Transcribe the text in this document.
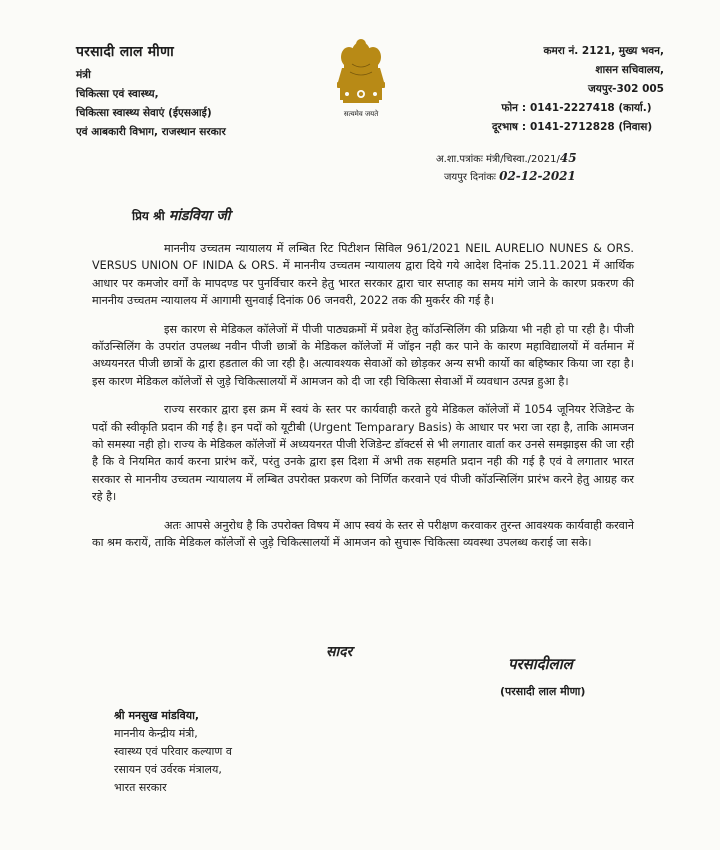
परसादी लाल मीणा
मंत्री
चिकित्सा एवं स्वास्थ्य,
चिकित्सा स्वास्थ्य सेवाएं (ईएसआई)
एवं आबकारी विभाग, राजस्थान सरकार
सत्यमेव जयते
कमरा नं. 2121, मुख्य भवन,
शासन सचिवालय,
जयपुर-302 005
फोन : 0141-2227418 (कार्या.)
दूरभाष : 0141-2712828 (निवास)
अ.शा.पत्रांकः मंत्री/चिस्वा./2021/45
जयपुर दिनांकः 02-12-2021
प्रिय श्री मांडविया जी

माननीय उच्चतम न्यायालय में लम्बित रिट पिटीशन सिविल 961/2021 NEIL AURELIO NUNES & ORS. VERSUS UNION OF INIDA & ORS. में माननीय उच्चतम न्यायालय द्वारा दिये गये आदेश दिनांक 25.11.2021 में आर्थिक आधार पर कमजोर वर्गों के मापदण्ड पर पुनर्विचार करने हेतु भारत सरकार द्वारा चार सप्ताह का समय मांगे जाने के कारण प्रकरण की माननीय उच्चतम न्यायालय में आगामी सुनवाई दिनांक 06 जनवरी, 2022 तक की मुकर्रर की गई है।

इस कारण से मेडिकल कॉलेजों में पीजी पाठ्यक्रमों में प्रवेश हेतु कॉउन्सिलिंग की प्रक्रिया भी नही हो पा रही है। पीजी कॉउन्सिलिंग के उपरांत उपलब्ध नवीन पीजी छात्रों के मेडिकल कॉलेजों में जॉइन नही कर पाने के कारण महाविद्यालयों में वर्तमान में अध्ययनरत पीजी छात्रों के द्वारा हडताल की जा रही है। अत्यावश्यक सेवाओं को छोड़कर अन्य सभी कार्यो का बहिष्कार किया जा रहा है। इस कारण मेडिकल कॉलेजों से जुड़े चिकित्सालयों में आमजन को दी जा रही चिकित्सा सेवाओं में व्यवधान उत्पन्न हुआ है।

राज्य सरकार द्वारा इस क्रम में स्वयं के स्तर पर कार्यवाही करते हुये मेडिकल कॉलेजों में 1054 जूनियर रेजिडेन्ट के पदों की स्वीकृति प्रदान की गई है। इन पदों को यूटीबी (Urgent Temparary Basis) के आधार पर भरा जा रहा है, ताकि आमजन को समस्या नही हो। राज्य के मेडिकल कॉलेजों में अध्ययनरत पीजी रेजिडेन्ट डॉक्टर्स से भी लगातार वार्ता कर उनसे समझाइस की जा रही है कि वे नियमित कार्य करना प्रारंभ करें, परंतु उनके द्वारा इस दिशा में अभी तक सहमति प्रदान नही की गई है एवं वे लगातार भारत सरकार से माननीय उच्चतम न्यायालय में लम्बित उपरोक्त प्रकरण को निर्णित करवाने एवं पीजी कॉउन्सिलिंग प्रारंभ करने हेतु आग्रह कर रहे है।

अतः आपसे अनुरोध है कि उपरोक्त विषय में आप स्वयं के स्तर से परीक्षण करवाकर तुरन्त आवश्यक कार्यवाही करवाने का श्रम करायें, ताकि मेडिकल कॉलेजों से जुड़े चिकित्सालयों में आमजन को सुचारू चिकित्सा व्यवस्था उपलब्ध कराई जा सके।

सादर
परसादीलाल
(परसादी लाल मीणा)
श्री मनसुख मांडविया,
माननीय केन्द्रीय मंत्री,
स्वास्थ्य एवं परिवार कल्याण व
रसायन एवं उर्वरक मंत्रालय,
भारत सरकार
